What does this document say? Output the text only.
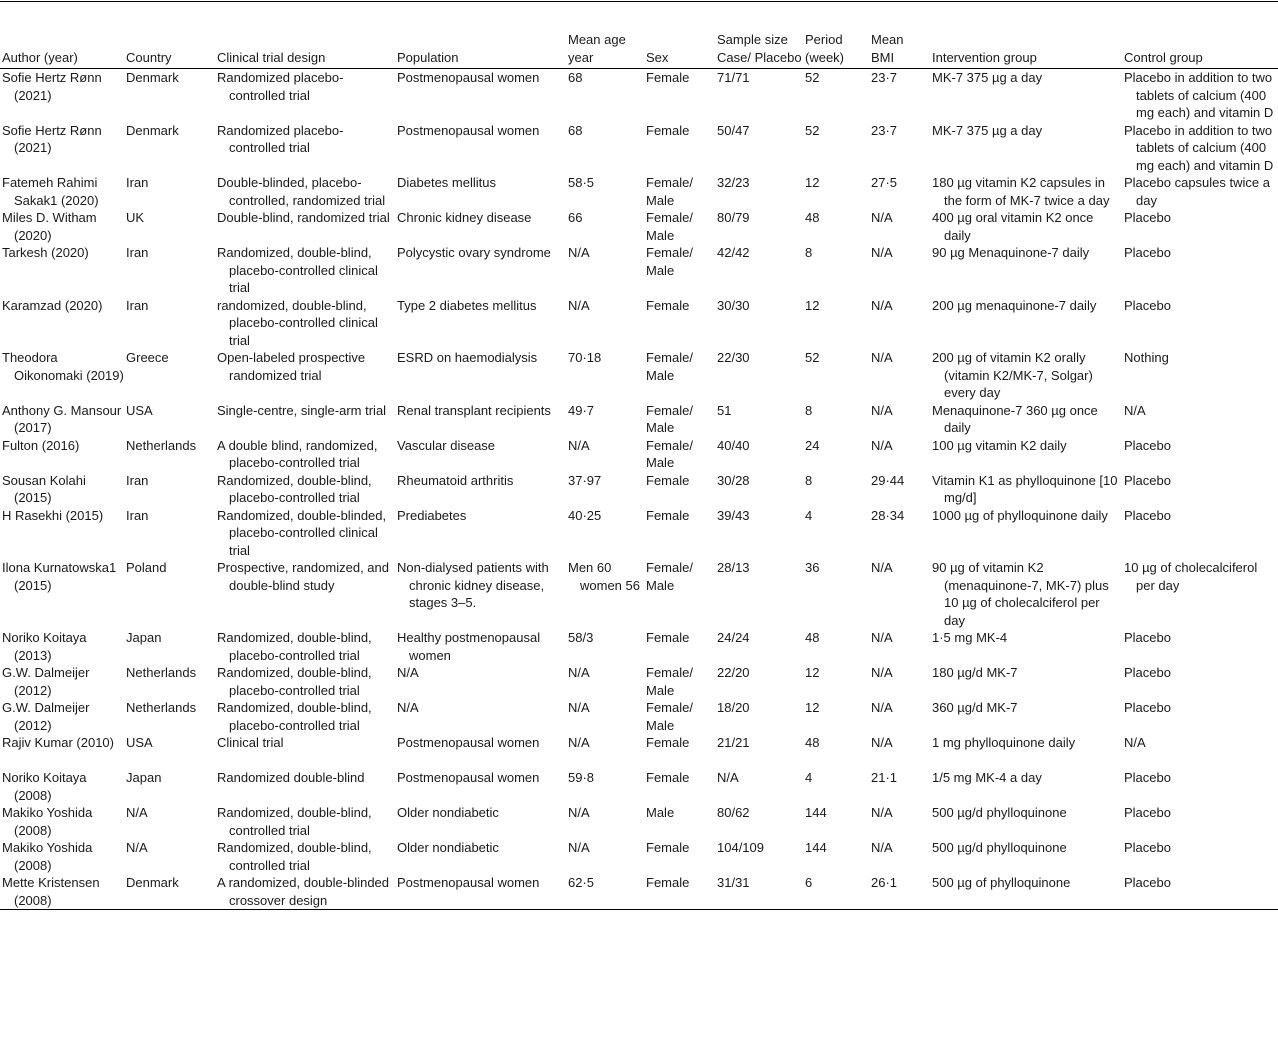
Author (year)	Country	Clinical trial design	Population	Mean age year	Sex	Sample size Case/ Placebo	Period (week)	Mean BMI	Intervention group	Control group

Sofie Hertz Rønn (2021)	Denmark	Randomized placebo-controlled trial	Postmenopausal women	68	Female	71/71	52	23·7	MK-7 375 µg a day	Placebo in addition to two tablets of calcium (400 mg each) and vitamin D

Sofie Hertz Rønn (2021)	Denmark	Randomized placebo-controlled trial	Postmenopausal women	68	Female	50/47	52	23·7	MK-7 375 µg a day	Placebo in addition to two tablets of calcium (400 mg each) and vitamin D

Fatemeh Rahimi Sakak1 (2020)	Iran	Double-blinded, placebo-controlled, randomized trial	Diabetes mellitus	58·5	Female/ Male	32/23	12	27·5	180 µg vitamin K2 capsules in the form of MK-7 twice a day	Placebo capsules twice a day

Miles D. Witham (2020)	UK	Double-blind, randomized trial	Chronic kidney disease	66	Female/ Male	80/79	48	N/A	400 µg oral vitamin K2 once daily	Placebo

Tarkesh (2020)	Iran	Randomized, double-blind, placebo-controlled clinical trial	Polycystic ovary syndrome	N/A	Female/ Male	42/42	8	N/A	90 µg Menaquinone-7 daily	Placebo

Karamzad (2020)	Iran	randomized, double-blind, placebo-controlled clinical trial	Type 2 diabetes mellitus	N/A	Female	30/30	12	N/A	200 µg menaquinone-7 daily	Placebo

Theodora Oikonomaki (2019)	Greece	Open-labeled prospective randomized trial	ESRD on haemodialysis	70·18	Female/ Male	22/30	52	N/A	200 µg of vitamin K2 orally (vitamin K2/MK-7, Solgar) every day	Nothing

Anthony G. Mansour (2017)	USA	Single-centre, single-arm trial	Renal transplant recipients	49·7	Female/ Male	51	8	N/A	Menaquinone-7 360 µg once daily	N/A

Fulton (2016)	Netherlands	A double blind, randomized, placebo-controlled trial	Vascular disease	N/A	Female/ Male	40/40	24	N/A	100 µg vitamin K2 daily	Placebo

Sousan Kolahi (2015)	Iran	Randomized, double-blind, placebo-controlled trial	Rheumatoid arthritis	37·97	Female	30/28	8	29·44	Vitamin K1 as phylloquinone [10 mg/d]	Placebo

H Rasekhi (2015)	Iran	Randomized, double-blinded, placebo-controlled clinical trial	Prediabetes	40·25	Female	39/43	4	28·34	1000 µg of phylloquinone daily	Placebo

Ilona Kurnatowska1 (2015)	Poland	Prospective, randomized, and double-blind study	Non-dialysed patients with chronic kidney disease, stages 3–5.	Men 60 women 56	Female/ Male	28/13	36	N/A	90 µg of vitamin K2 (menaquinone-7, MK-7) plus 10 µg of cholecalciferol per day	10 µg of cholecalciferol per day

Noriko Koitaya (2013)	Japan	Randomized, double-blind, placebo-controlled trial	Healthy postmenopausal women	58/3	Female	24/24	48	N/A	1·5 mg MK-4	Placebo

G.W. Dalmeijer (2012)	Netherlands	Randomized, double-blind, placebo-controlled trial	N/A	N/A	Female/ Male	22/20	12	N/A	180 µg/d MK-7	Placebo

G.W. Dalmeijer (2012)	Netherlands	Randomized, double-blind, placebo-controlled trial	N/A	N/A	Female/ Male	18/20	12	N/A	360 µg/d MK-7	Placebo

Rajiv Kumar (2010)	USA	Clinical trial	Postmenopausal women	N/A	Female	21/21	48	N/A	1 mg phylloquinone daily	N/A

Noriko Koitaya (2008)	Japan	Randomized double-blind	Postmenopausal women	59·8	Female	N/A	4	21·1	1/5 mg MK-4 a day	Placebo

Makiko Yoshida (2008)	N/A	Randomized, double-blind, controlled trial	Older nondiabetic	N/A	Male	80/62	144	N/A	500 µg/d phylloquinone	Placebo

Makiko Yoshida (2008)	N/A	Randomized, double-blind, controlled trial	Older nondiabetic	N/A	Female	104/109	144	N/A	500 µg/d phylloquinone	Placebo

Mette Kristensen (2008)	Denmark	A randomized, double-blinded crossover design	Postmenopausal women	62·5	Female	31/31	6	26·1	500 µg of phylloquinone	Placebo
